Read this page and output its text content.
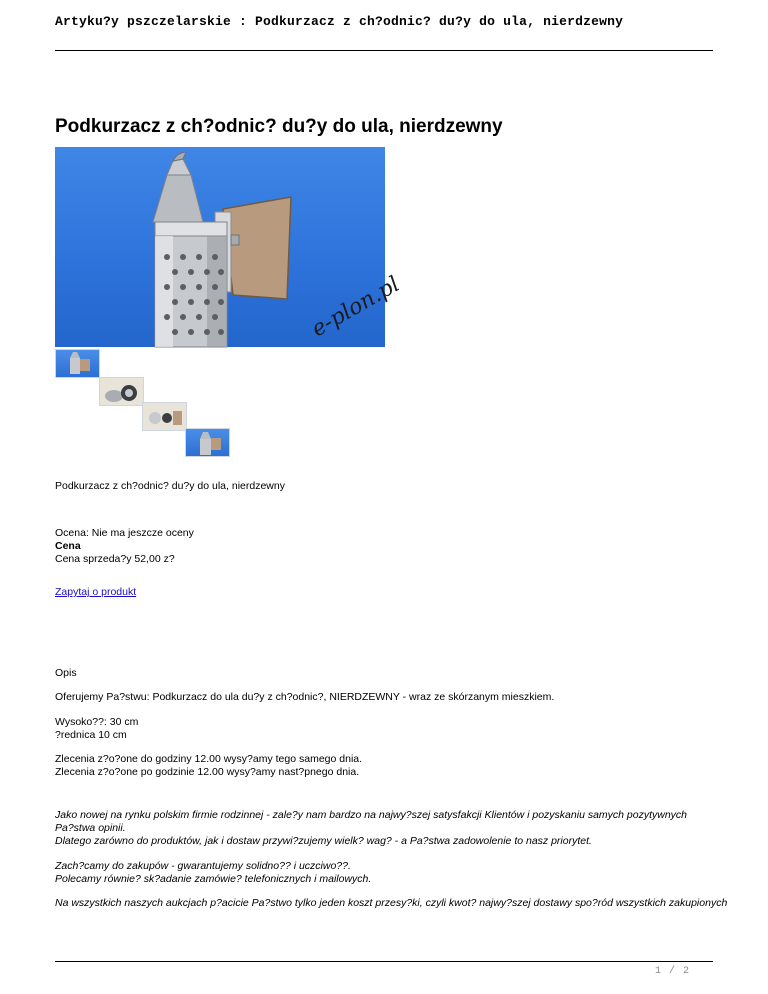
Artyku?y pszczelarskie : Podkurzacz z ch?odnic? du?y do ula, nierdzewny
Podkurzacz z ch?odnic? du?y do ula, nierdzewny
e-plon.pl
Podkurzacz z ch?odnic? du?y do ula, nierdzewny
Ocena: Nie ma jeszcze oceny
Cena
Cena sprzeda?y 52,00 z?
Zapytaj o produkt
Opis
Oferujemy Pa?stwu: Podkurzacz do ula du?y z ch?odnic?, NIERDZEWNY - wraz ze skórzanym mieszkiem.
Wysoko??: 30 cm
?rednica 10 cm
Zlecenia z?o?one do godziny 12.00 wysy?amy tego samego dnia.
Zlecenia z?o?one po godzinie 12.00 wysy?amy nast?pnego dnia.
Jako nowej na rynku polskim firmie rodzinnej - zale?y nam bardzo na najwy?szej satysfakcji Klientów i pozyskaniu samych pozytywnych
Pa?stwa opinii.
Dlatego zarówno do produktów, jak i dostaw przywi?zujemy wielk? wag? - a Pa?stwa zadowolenie to nasz priorytet.
Zach?camy do zakupów - gwarantujemy solidno?? i uczciwo??.
Polecamy równie? sk?adanie zamówie? telefonicznych i mailowych.
Na wszystkich naszych aukcjach p?acicie Pa?stwo tylko jeden koszt przesy?ki, czyli kwot? najwy?szej dostawy spo?ród wszystkich zakupionych
1 / 2
